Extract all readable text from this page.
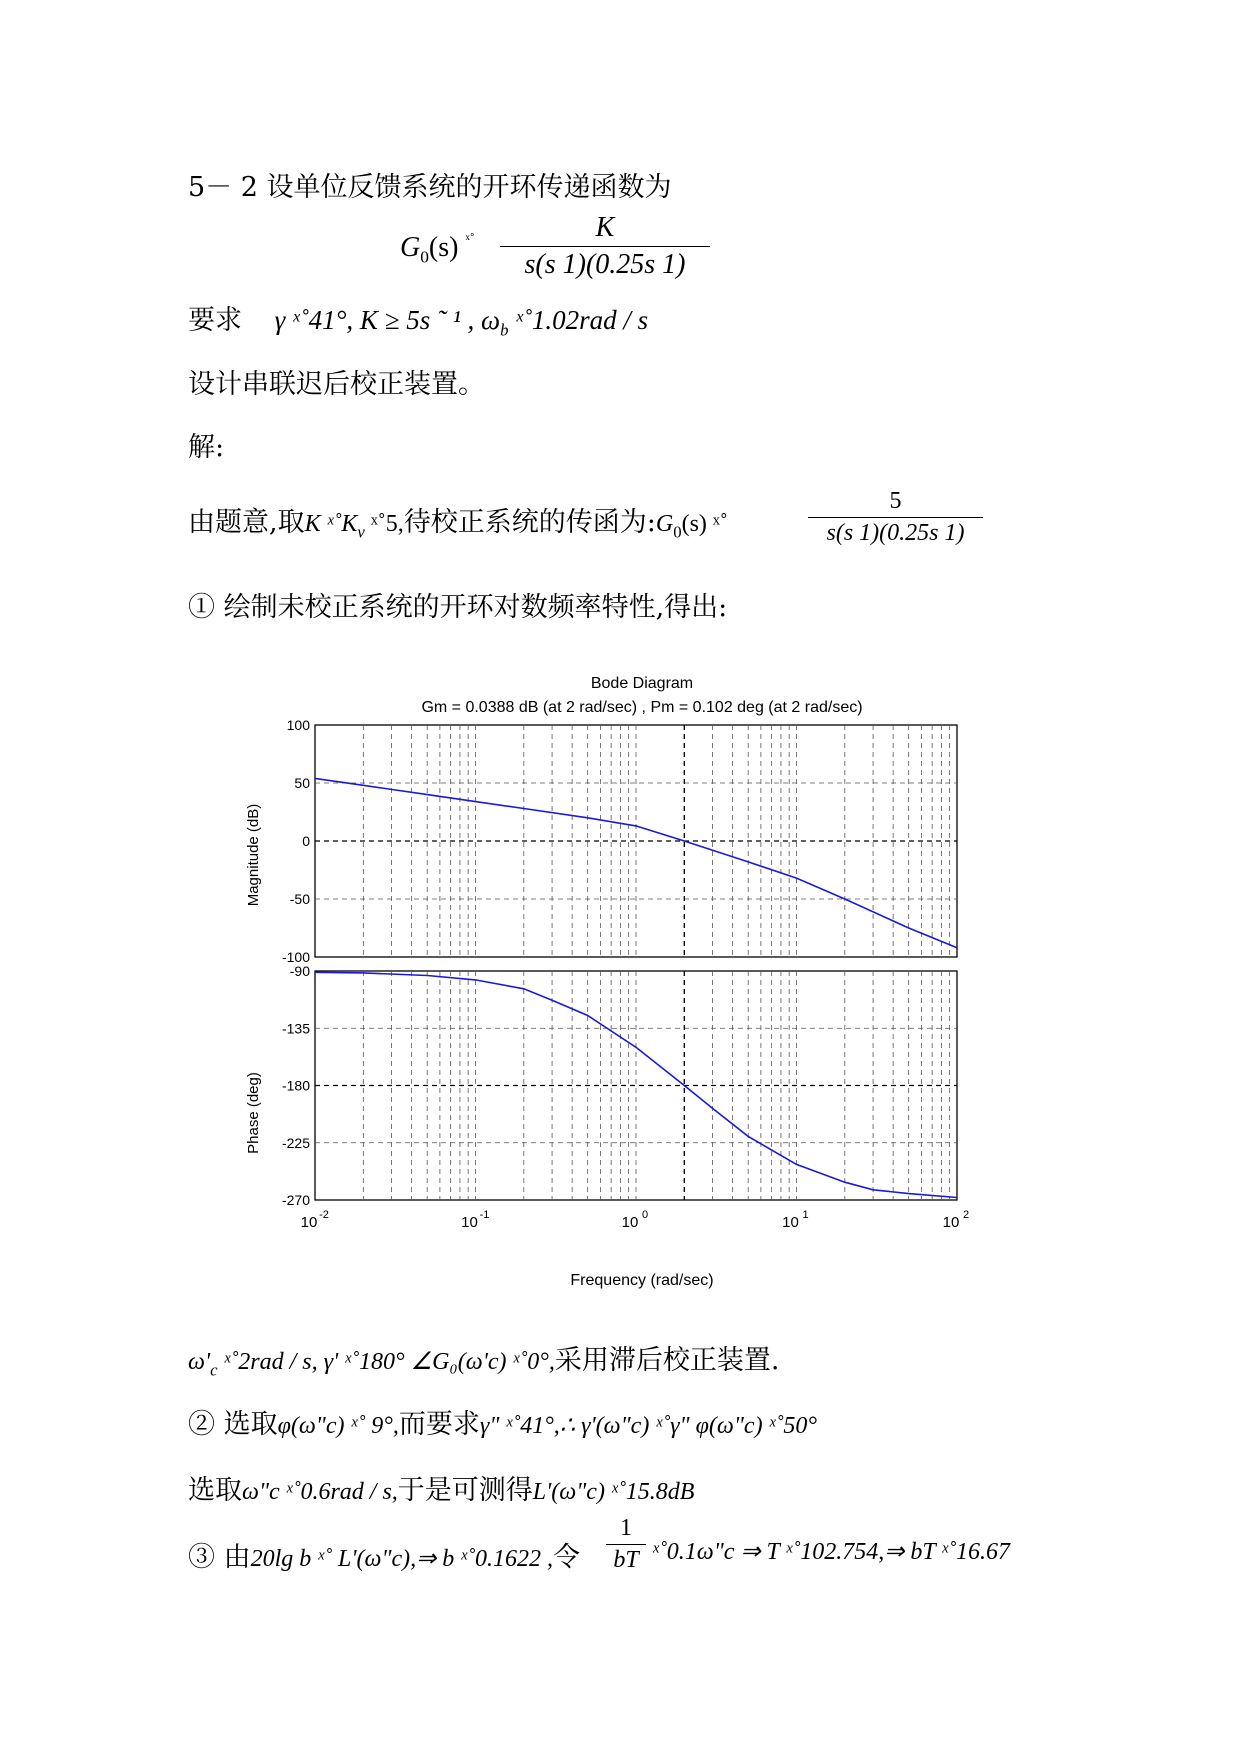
5－ 2 设单位反馈系统的开环传递函数为
$G_0(s)$ $^{ˣ˚}$	K
s(s 1)(0.25s 1)
要求 γ ˣ˚41°, K ≥ 5s ˜ ¹ , $\omega_b$ ˣ˚1.02rad / s
设计串联迟后校正装置。
解:
由题意,取K $ˣ˚K_v$ ˣ˚5,待校正系统的传函为$:G_0(s)$ ˣ˚
5
s(s 1)(0.25s 1)
① 绘制未校正系统的开环对数频率特性,得出:
Bode Diagram
Gm = 0.0388 dB (at 2 rad/sec) , Pm = 0.102 deg (at 2 rad/sec)
100
50
0
-50
-100
-90
-135
-180
-225
-270
10 -2	10 -1	10 0	10 1	10 2
Magnitude (dB)
Phase (deg)
Frequency (rad/sec)
$\omega'_c$ ˣ˚2rad / s, γ' ˣ˚180° ∠G₀(ω'c) ˣ˚0°,采用滞后校正装置.
② 选取φ(ω"c) ˣ˚ 9°,而要求γ" ˣ˚41°,∴ γ'(ω"c) ˣ˚γ" φ(ω"c) ˣ˚50°
选取ω"c ˣ˚0.6rad / s,于是可测得L'(ω"c) ˣ˚15.8dB
③ 由20lg b ˣ˚ L'(ω"c),⇒ b ˣ˚0.1622 ,令
1
bT ˣ˚0.1ω"c ⇒ T ˣ˚102.754,⇒ bT ˣ˚16.67
